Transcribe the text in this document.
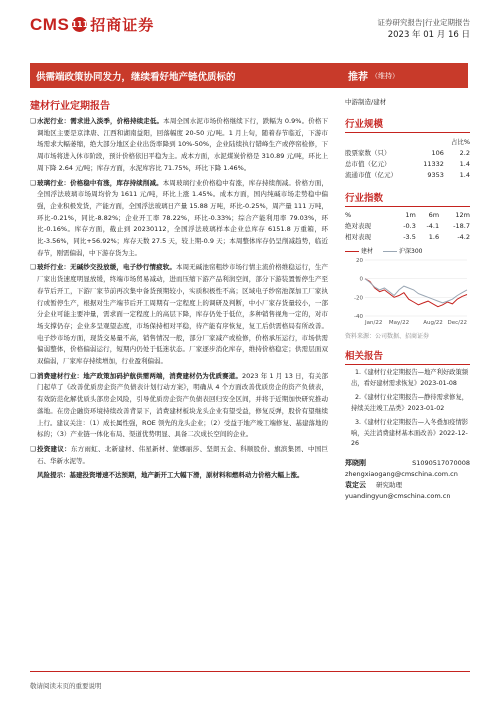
CMS 111 招商证券	证券研究报告|行业定期报告
2023 年 01 月 16 日
供需端政策协同发力，继续看好地产链优质标的	推荐 （维持）
建材行业定期报告

❑ 水泥行业：需求进入淡季，价格持续走低。本周全国水泥市场价格继续下行，跌幅为 0.9%。价格下调地区主要是京津唐、江西和湖南益阳，回落幅度 20-50 元/吨。1 月上旬，随着春节临近，下游市场需求大幅萎缩，绝大部分地区企业出货率降到 10%-50%，企业陆续执行错峰生产或停窑检修，下周市场将进入休市阶段，预计价格依旧平稳为主。成本方面，水泥煤炭价格是 310.89 元/吨，环比上周下降 2.64 元/吨；库存方面，水泥库容比 71.75%，环比下降 1.46%。

❑ 玻璃行业：价格稳中有涨，库存持续削减。本周玻璃行业价格稳中有涨，库存持续削减。价格方面，全国浮法玻璃市场周均价为 1611 元/吨，环比上涨 1.45%。成本方面，国内纯碱市场走势稳中偏强，企业积极发货，产能方面，全国浮法玻璃日产量 15.88 万吨，环比-0.25%，周产量 111 万吨，环比-0.21%，同比-8.82%；企业开工率 78.22%，环比-0.33%；综合产能利用率 79.03%，环比-0.16%。库存方面，截止到 20230112，全国浮法玻璃样本企业总库存 6151.8 万重箱，环比-3.56%，同比+56.92%；库存天数 27.5 天，较上期-0.9 天；本周整体库存仍呈削减趋势，临近春节，刚需偏弱，中下游存货为主。

❑ 玻纤行业：无碱纱交投放缓，电子纱行情疲软。本周无碱池窑粗纱市场行情主流价格维稳运行，生产厂家出货速度明显放缓，终端市场贸易减动，进而压缩下游产品利润空间，部分下游装置暂停生产至春节后开工，下游厂家节前再次集中备货预期较小，实质积极性不高；区域电子纱窑池深加工厂家执行或暂停生产，根据对生产端节后开工周期有一定程度上的调研及判断，中小厂家存货量较小，一部分企业可能主要冲量，需求面一定程度上的高层下降，库存仍处于低位，多种销售视角一定的，对市场支撑仍存；企业多呈观望态度，市场保持相对平稳，待产能有序恢复，复工后供需格局有所改善。电子纱市场方面，现货交易量不高，销售情况一般，部分厂家减产或检修，价格承压运行，市场供需偏弱整体，价格偏弱运行，短期内仍处于低迷状态。厂家逐步消化库存，维持价格稳定；供需层面双双偏弱，厂家库存持续增加，行业盈利偏弱。

❑ 消费建材行业：地产政策加码护航供需两端，消费建材仍为优质赛道。2023 年 1 月 13 日，有关部门起草了《改善优质房企资产负债表计划行动方案》，明确从 4 个方面改善优质房企的资产负债表，有效防范化解优质头部房企风险，引导优质房企资产负债表回归安全区间，并将于近期加快研究推动落地。在房企融资环境持续改善背景下，消费建材板块龙头企业有望受益，修复反弹，股价有望继续上行。建议关注：（1）成长属性强，ROE 领先的龙头企业；（2）受益于地产竣工端修复、基建落地的标的；（3）产业链一体化布局、渠道优势明显、具备二次成长空间的企业。

❑ 投资建议：东方雨虹、北新建材、伟星新材、蒙娜丽莎、坚朗五金、科顺股份、旗滨集团、中国巨石、华新水泥等。

风险提示：基建投资增速不达预期，地产新开工大幅下滑，原材料和燃料动力价格大幅上涨。

中游制造/建材
行业规模
		占比%
股票家数（只）	106	2.2
总市值（亿元）	11332	1.4
流通市值（亿元）	9353	1.4
行业指数
%	1m	6m	12m
绝对表现	-0.3	-4.1	-18.7
相对表现	-3.5	1.6	-4.2
建材	沪深300
20
0
-20
-40
Jan/22 May/22	Aug/22 Dec/22
资料来源：公司数据、招商证券
相关报告
1.《建材行业定期报告—地产利好政策频出，看好建材需求恢复》2023-01-08
2.《建材行业定期报告—静待需求修复，持续关注竣工品类》2023-01-02
3.《建材行业定期报告—入冬叠加疫情影响，关注消费建材基本面改善》2022-12-26
郑晓刚	S1090517070008
zhengxiaogang@cmschina.com.cn
袁定云 研究助理
yuandingyun@cmschina.com.cn
敬请阅读末页的重要说明
